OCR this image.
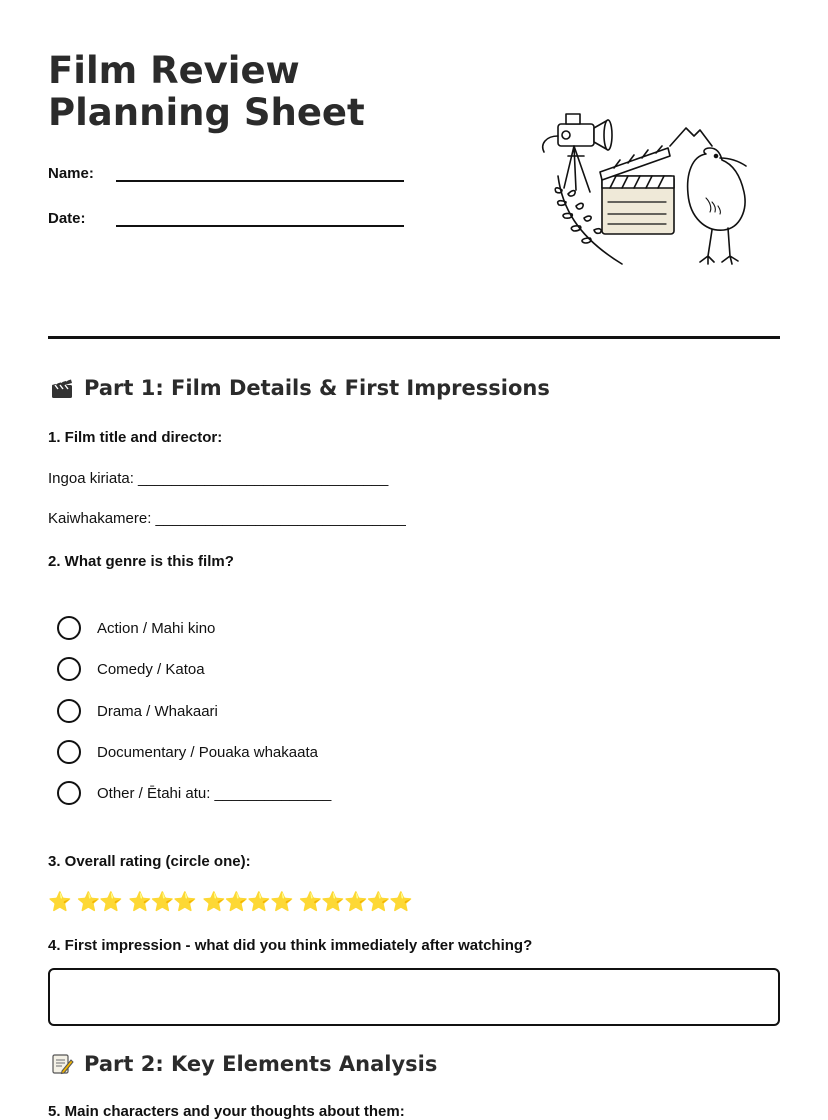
Film Review Planning Sheet
Name:
Date:
Part 1: Film Details & First Impressions
1. Film title and director:
Ingoa kiriata: ______________________________
Kaiwhakamere: ______________________________
2. What genre is this film?
Action / Mahi kino
Comedy / Katoa
Drama / Whakaari
Documentary / Pouaka whakaata
Other / Ētahi atu: ______________
3. Overall rating (circle one):
⭐ ⭐⭐ ⭐⭐⭐ ⭐⭐⭐⭐ ⭐⭐⭐⭐⭐
4. First impression - what did you think immediately after watching?
Part 2: Key Elements Analysis
5. Main characters and your thoughts about them:
